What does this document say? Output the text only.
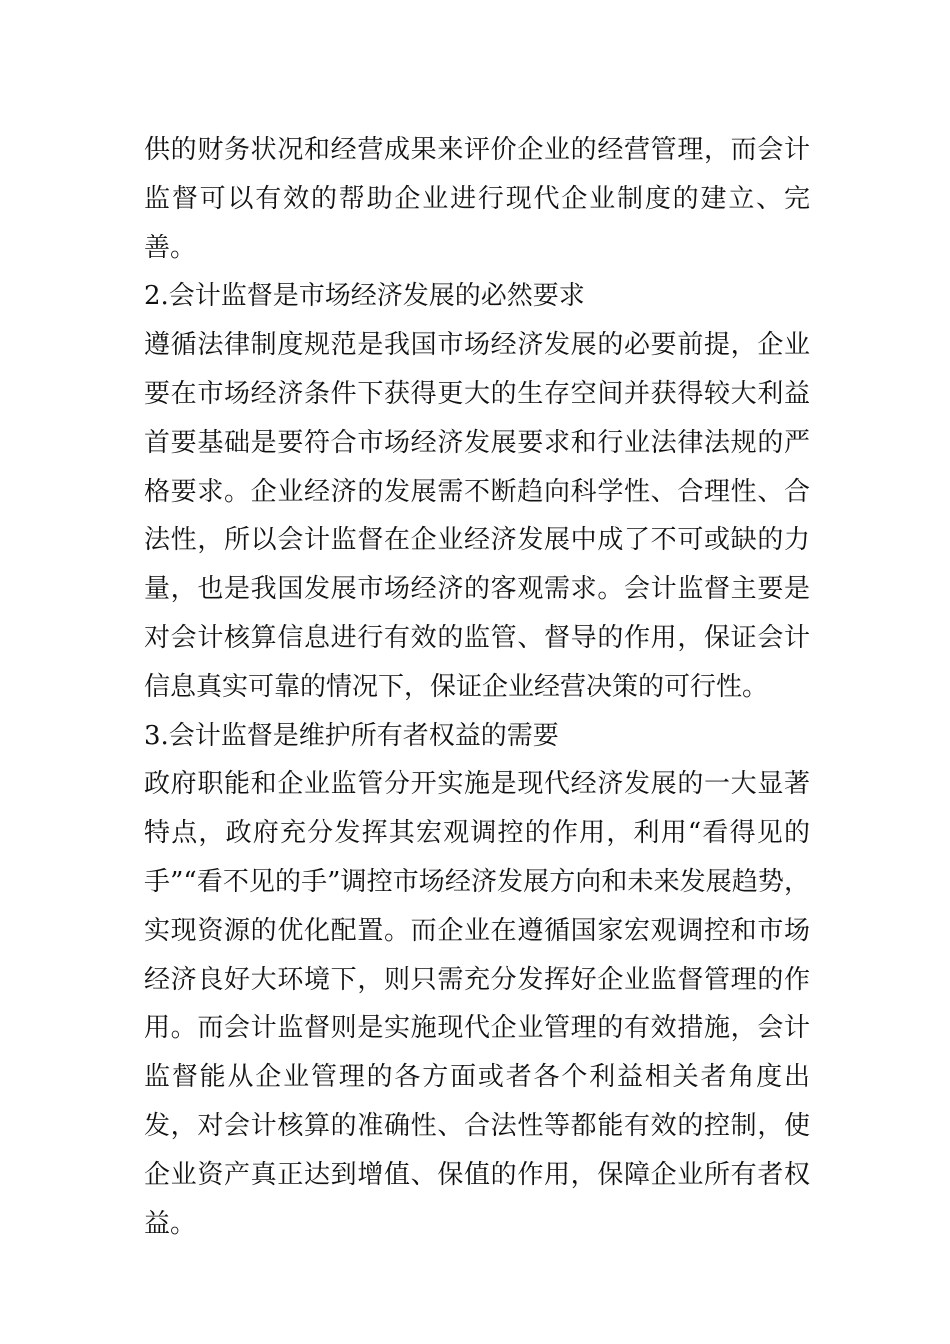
供的财务状况和经营成果来评价企业的经营管理，而会计监督可以有效的帮助企业进行现代企业制度的建立、完善。

2.会计监督是市场经济发展的必然要求

遵循法律制度规范是我国市场经济发展的必要前提，企业要在市场经济条件下获得更大的生存空间并获得较大利益首要基础是要符合市场经济发展要求和行业法律法规的严格要求。企业经济的发展需不断趋向科学性、合理性、合法性，所以会计监督在企业经济发展中成了不可或缺的力量，也是我国发展市场经济的客观需求。会计监督主要是对会计核算信息进行有效的监管、督导的作用，保证会计信息真实可靠的情况下，保证企业经营决策的可行性。

3.会计监督是维护所有者权益的需要

政府职能和企业监管分开实施是现代经济发展的一大显著特点，政府充分发挥其宏观调控的作用，利用“看得见的手”“看不见的手”调控市场经济发展方向和未来发展趋势，实现资源的优化配置。而企业在遵循国家宏观调控和市场经济良好大环境下，则只需充分发挥好企业监督管理的作用。而会计监督则是实施现代企业管理的有效措施，会计监督能从企业管理的各方面或者各个利益相关者角度出发，对会计核算的准确性、合法性等都能有效的控制，使企业资产真正达到增值、保值的作用，保障企业所有者权益。
